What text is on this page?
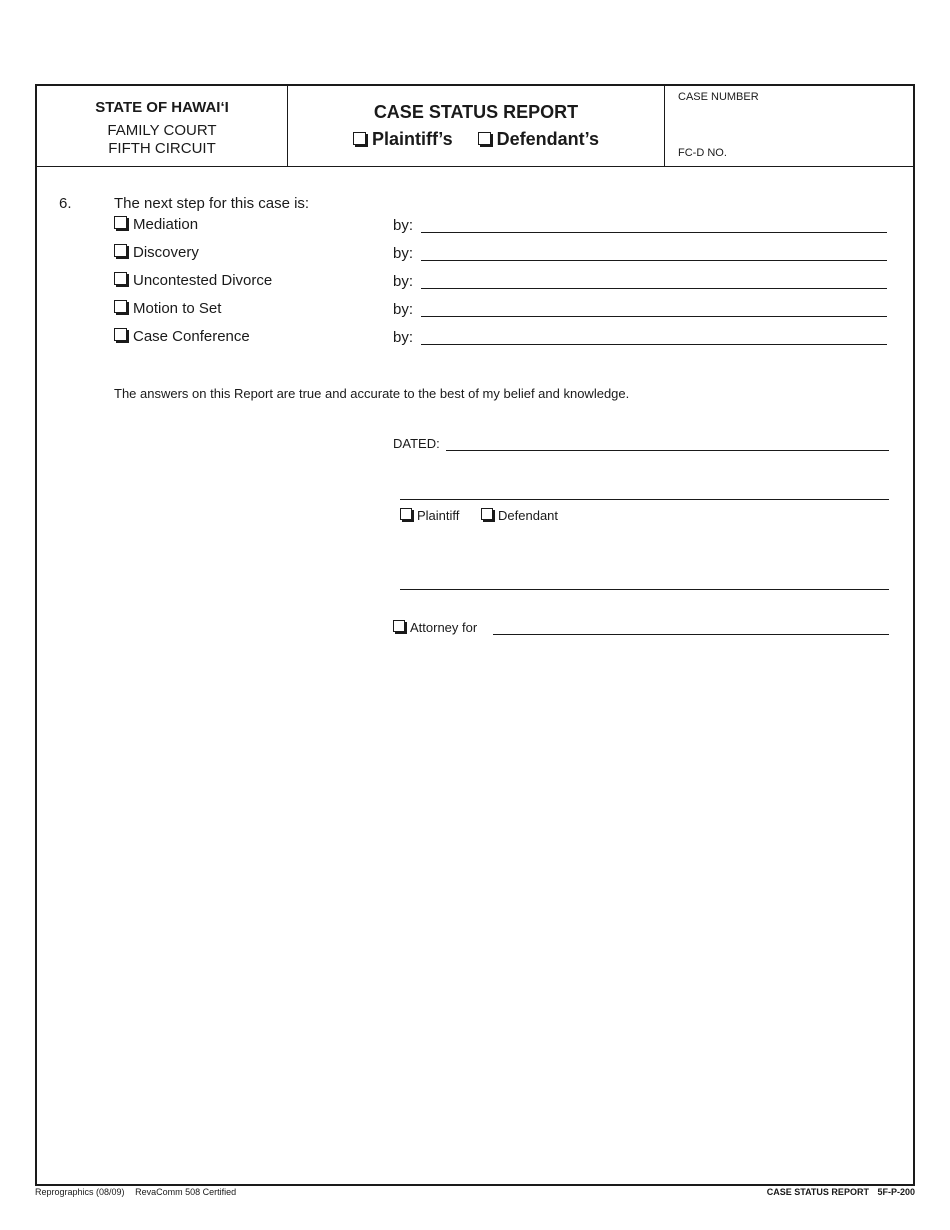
STATE OF HAWAI‘I
FAMILY COURT
FIFTH CIRCUIT
CASE STATUS REPORT
Plaintiff’s Defendant’s
CASE NUMBER
FC-D NO.
6.	The next step for this case is:
Mediation	by:
Discovery	by:
Uncontested Divorce	by:
Motion to Set	by:
Case Conference	by:
The answers on this Report are true and accurate to the best of my belief and knowledge.
DATED:
Plaintiff	Defendant
Attorney for
Reprographics (08/09) RevaComm 508 Certified	CASE STATUS REPORT 5F-P-200
